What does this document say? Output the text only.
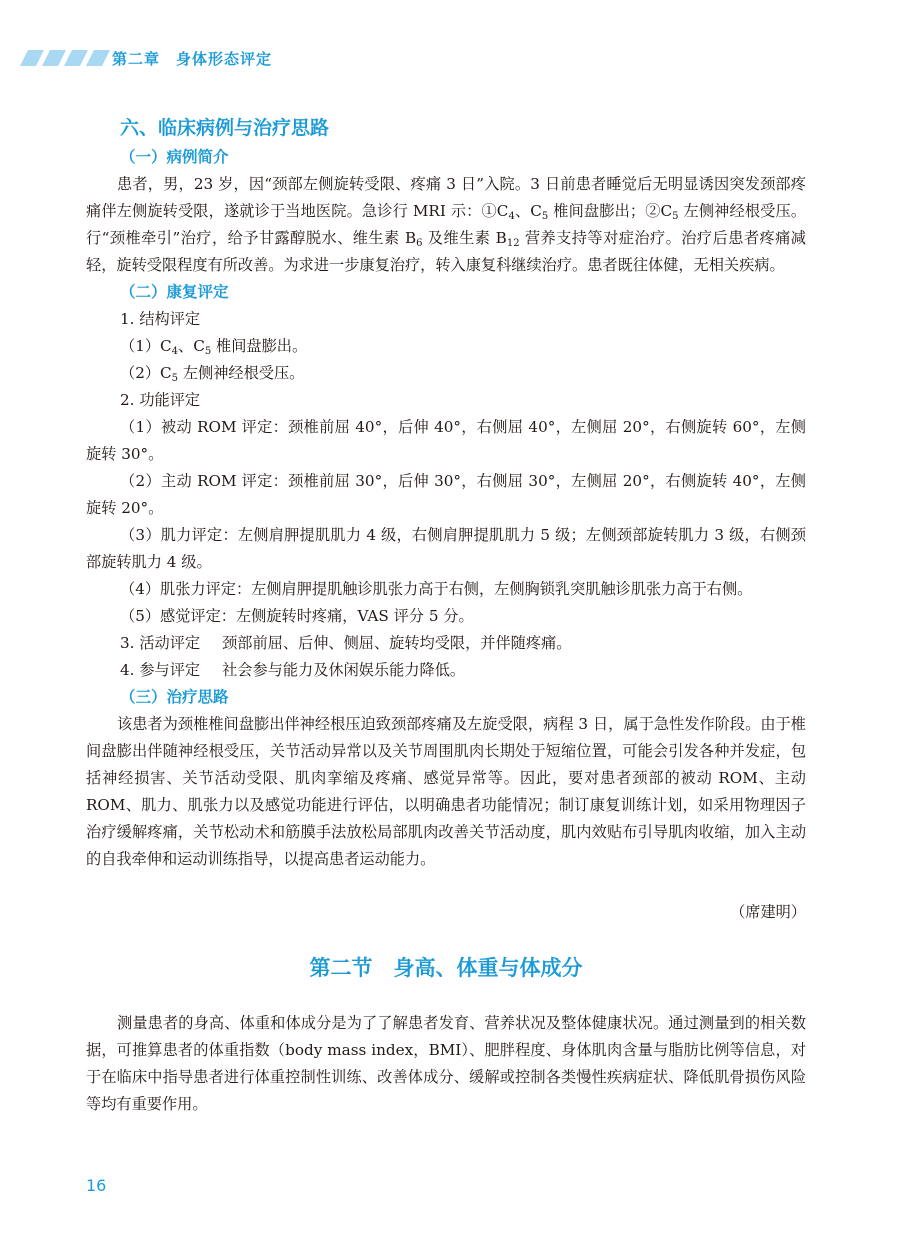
第二章　身体形态评定
六、临床病例与治疗思路
（一）病例简介

患者，男，23 岁，因“颈部左侧旋转受限、疼痛 3 日”入院。3 日前患者睡觉后无明显诱因突发颈部疼痛伴左侧旋转受限，遂就诊于当地医院。急诊行 MRI 示：$①C_4$、$C_5$ 椎间盘膨出；$②C_5$ 左侧神经根受压。行“颈椎牵引”治疗，给予甘露醇脱水、维生素 $B_6$ 及维生素 $B_{12}$ 营养支持等对症治疗。治疗后患者疼痛减轻，旋转受限程度有所改善。为求进一步康复治疗，转入康复科继续治疗。患者既往体健，无相关疾病。

（二）康复评定

1. 结构评定

$(1)C_4$、$C_5$ 椎间盘膨出。

$(2)C_5$ 左侧神经根受压。

2. 功能评定

（1）被动 ROM 评定：颈椎前屈 40°，后伸 40°，右侧屈 40°，左侧屈 20°，右侧旋转 60°，左侧旋转 30°。

（2）主动 ROM 评定：颈椎前屈 30°，后伸 30°，右侧屈 30°，左侧屈 20°，右侧旋转 40°，左侧旋转 20°。

（3）肌力评定：左侧肩胛提肌肌力 4 级，右侧肩胛提肌肌力 5 级；左侧颈部旋转肌力 3 级，右侧颈部旋转肌力 4 级。

（4）肌张力评定：左侧肩胛提肌触诊肌张力高于右侧，左侧胸锁乳突肌触诊肌张力高于右侧。

（5）感觉评定：左侧旋转时疼痛，VAS 评分 5 分。

3. 活动评定 颈部前屈、后伸、侧屈、旋转均受限，并伴随疼痛。

4. 参与评定 社会参与能力及休闲娱乐能力降低。

（三）治疗思路

该患者为颈椎椎间盘膨出伴神经根压迫致颈部疼痛及左旋受限，病程 3 日，属于急性发作阶段。由于椎间盘膨出伴随神经根受压，关节活动异常以及关节周围肌肉长期处于短缩位置，可能会引发各种并发症，包括神经损害、关节活动受限、肌肉挛缩及疼痛、感觉异常等。因此，要对患者颈部的被动 ROM、主动 ROM、肌力、肌张力以及感觉功能进行评估，以明确患者功能情况；制订康复训练计划，如采用物理因子治疗缓解疼痛，关节松动术和筋膜手法放松局部肌肉改善关节活动度，肌内效贴布引导肌肉收缩，加入主动的自我牵伸和运动训练指导，以提高患者运动能力。

（席建明）
第二节　身高、体重与体成分

测量患者的身高、体重和体成分是为了了解患者发育、营养状况及整体健康状况。通过测量到的相关数据，可推算患者的体重指数（body mass index，BMI）、肥胖程度、身体肌肉含量与脂肪比例等信息，对于在临床中指导患者进行体重控制性训练、改善体成分、缓解或控制各类慢性疾病症状、降低肌骨损伤风险等均有重要作用。

16
